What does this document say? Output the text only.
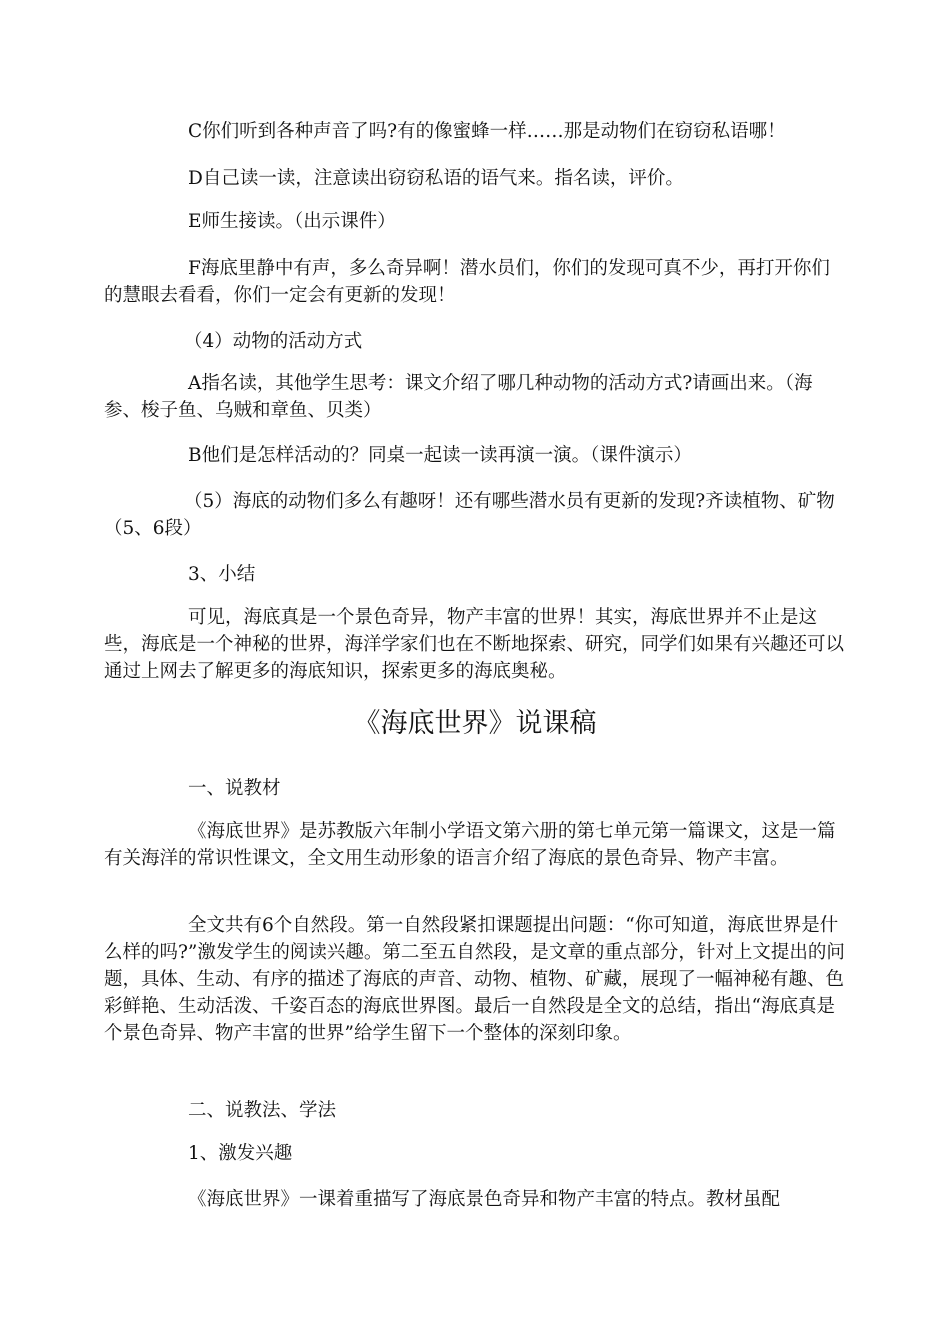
C你们听到各种声音了吗?有的像蜜蜂一样……那是动物们在窃窃私语哪！

D自己读一读，注意读出窃窃私语的语气来。指名读，评价。

E师生接读。（出示课件）

F海底里静中有声，多么奇异啊！潜水员们，你们的发现可真不少，再打开你们的慧眼去看看，你们一定会有更新的发现！

（4）动物的活动方式

A指名读，其他学生思考：课文介绍了哪几种动物的活动方式?请画出来。（海参、梭子鱼、乌贼和章鱼、贝类）

B他们是怎样活动的？同桌一起读一读再演一演。（课件演示）

（5）海底的动物们多么有趣呀！还有哪些潜水员有更新的发现?齐读植物、矿物（5、6段）

3、小结

可见，海底真是一个景色奇异，物产丰富的世界！其实，海底世界并不止是这些，海底是一个神秘的世界，海洋学家们也在不断地探索、研究，同学们如果有兴趣还可以通过上网去了解更多的海底知识，探索更多的海底奥秘。

《海底世界》说课稿

一、说教材

《海底世界》是苏教版六年制小学语文第六册的第七单元第一篇课文，这是一篇有关海洋的常识性课文，全文用生动形象的语言介绍了海底的景色奇异、物产丰富。

全文共有6个自然段。第一自然段紧扣课题提出问题：“你可知道，海底世界是什么样的吗?”激发学生的阅读兴趣。第二至五自然段，是文章的重点部分，针对上文提出的问题，具体、生动、有序的描述了海底的声音、动物、植物、矿藏，展现了一幅神秘有趣、色彩鲜艳、生动活泼、千姿百态的海底世界图。最后一自然段是全文的总结，指出“海底真是个景色奇异、物产丰富的世界”给学生留下一个整体的深刻印象。

二、说教法、学法

1、激发兴趣

《海底世界》一课着重描写了海底景色奇异和物产丰富的特点。教材虽配
